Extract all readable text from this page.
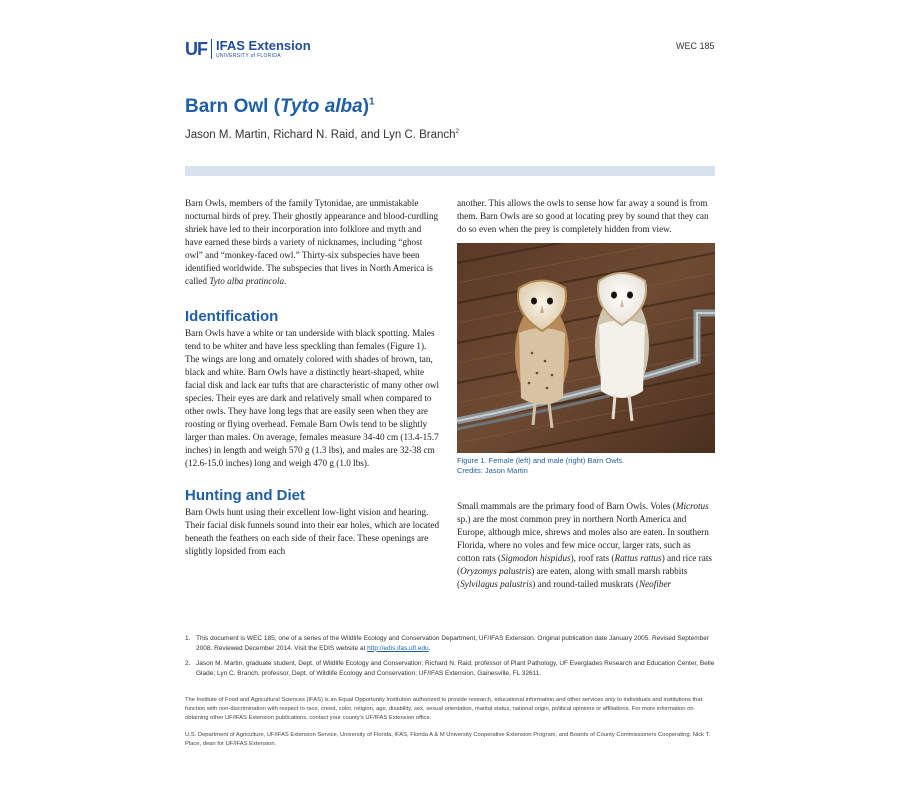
UF IFAS Extension
UNIVERSITY of FLORIDA
WEC 185
Barn Owl (Tyto alba)$^1$
Jason M. Martin, Richard N. Raid, and Lyn C. Branch$^2$

Barn Owls, members of the family Tytonidae, are unmistakable nocturnal birds of prey. Their ghostly appearance and blood-curdling shriek have led to their incorporation into folklore and myth and have earned these birds a variety of nicknames, including “ghost owl” and “monkey-faced owl.” Thirty-six subspecies have been identified worldwide. The subspecies that lives in North America is called Tyto alba pratincola.

Identification

Barn Owls have a white or tan underside with black spotting. Males tend to be whiter and have less speckling than females (Figure 1). The wings are long and ornately colored with shades of brown, tan, black and white. Barn Owls have a distinctly heart-shaped, white facial disk and lack ear tufts that are characteristic of many other owl species. Their eyes are dark and relatively small when compared to other owls. They have long legs that are easily seen when they are roosting or flying overhead. Female Barn Owls tend to be slightly larger than males. On average, females measure 34-40 cm (13.4-15.7 inches) in length and weigh 570 g (1.3 lbs), and males are 32-38 cm (12.6-15.0 inches) long and weigh 470 g (1.0 lbs).

Hunting and Diet

Barn Owls hunt using their excellent low-light vision and hearing. Their facial disk funnels sound into their ear holes, which are located beneath the feathers on each side of their face. These openings are slightly lopsided from each

another. This allows the owls to sense how far away a sound is from them. Barn Owls are so good at locating prey by sound that they can do so even when the prey is completely hidden from view.

Figure 1. Female (left) and male (right) Barn Owls.
Credits: Jason Martin

Small mammals are the primary food of Barn Owls. Voles (Microtus sp.) are the most common prey in northern North America and Europe, although mice, shrews and moles also are eaten. In southern Florida, where no voles and few mice occur, larger rats, such as cotton rats (Sigmodon hispidus), roof rats (Rattus rattus) and rice rats (Oryzomys palustris) are eaten, along with small marsh rabbits (Sylvilagus palustris) and round-tailed muskrats (Neofiber

1. This document is WEC 185, one of a series of the Wildlife Ecology and Conservation Department, UF/IFAS Extension. Original publication date January 2005. Revised September 2008. Reviewed December 2014. Visit the EDIS website at http://edis.ifas.ufl.edu.
2. Jason M. Martin, graduate student, Dept. of Wildlife Ecology and Conservation; Richard N. Raid, professor of Plant Pathology, UF Everglades Research and Education Center, Belle Glade; Lyn C. Branch, professor, Dept. of Wildlife Ecology and Conservation; UF/IFAS Extension, Gainesville, FL 32611.

The Institute of Food and Agricultural Sciences (IFAS) is an Equal Opportunity Institution authorized to provide research, educational information and other services only to individuals and institutions that function with non-discrimination with respect to race, creed, color, religion, age, disability, sex, sexual orientation, marital status, national origin, political opinions or affiliations. For more information on obtaining other UF/IFAS Extension publications, contact your county’s UF/IFAS Extension office.

U.S. Department of Agriculture, UF/IFAS Extension Service, University of Florida, IFAS, Florida A & M University Cooperative Extension Program, and Boards of County Commissioners Cooperating. Nick T. Place, dean for UF/IFAS Extension.
